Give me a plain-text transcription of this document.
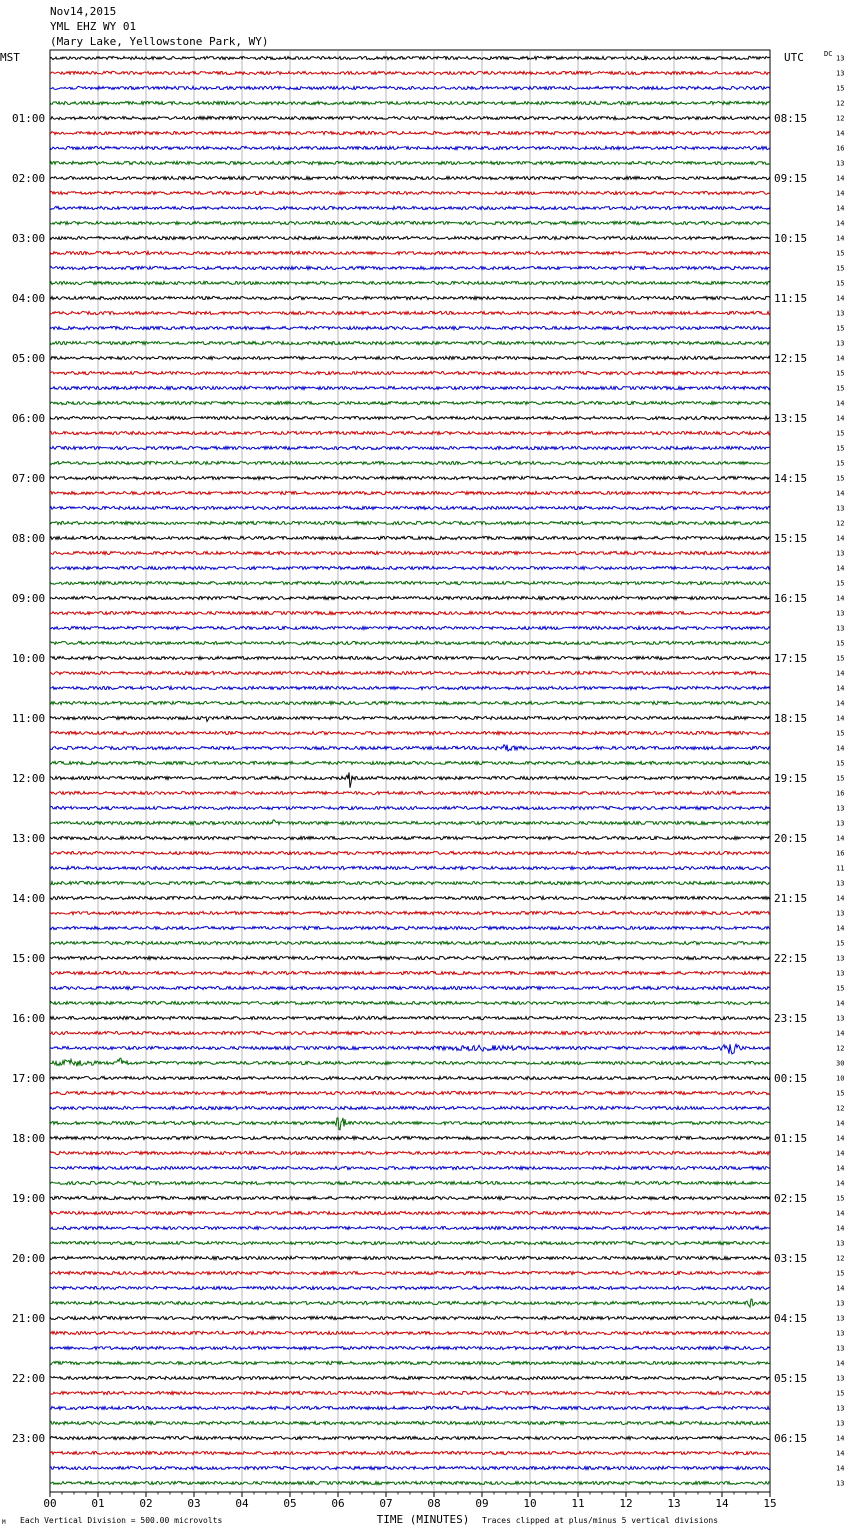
Nov14,2015
YML EHZ WY 01
(Mary Lake, Yellowstone Park, WY)
MST	UTC	13
13
15
12
12
14
16
13
14
14
14
14
14
15
15
15
14
13
15
13
14
15
15
14
14
15
15
15
15
14
13
12
14
13
14
15
14
13
13
15
15
14
14
14
14
15
14
15
15
16
13
13
14
16
11
13
14
13
14
15
13
13
15
14
13
14
12
30
10
15
12
14
14
14
14
14
15
14
14
13
12
15
14
13
13
13
13
14
13
15
13
13
14
14
14
13
01:00
02:00
03:00
04:00
05:00
06:00
07:00
08:00
09:00
10:00
11:00
12:00
13:00
14:00
15:00
16:00
17:00
18:00
19:00
20:00
21:00
22:00
23:00
08:15
09:15
10:15
11:15
12:15
13:15
14:15
15:15
16:15
17:15
18:15
19:15
20:15
21:15
22:15
23:15
00:15
01:15
02:15
03:15
04:15
05:15
06:15
00	01	02	03	04	05	06	07	08	09	10	11	12	13	14	15
DC
TIME (MINUTES)
Each Vertical Division = 500.00 microvolts	Traces clipped at plus/minus 5 vertical divisions
M
